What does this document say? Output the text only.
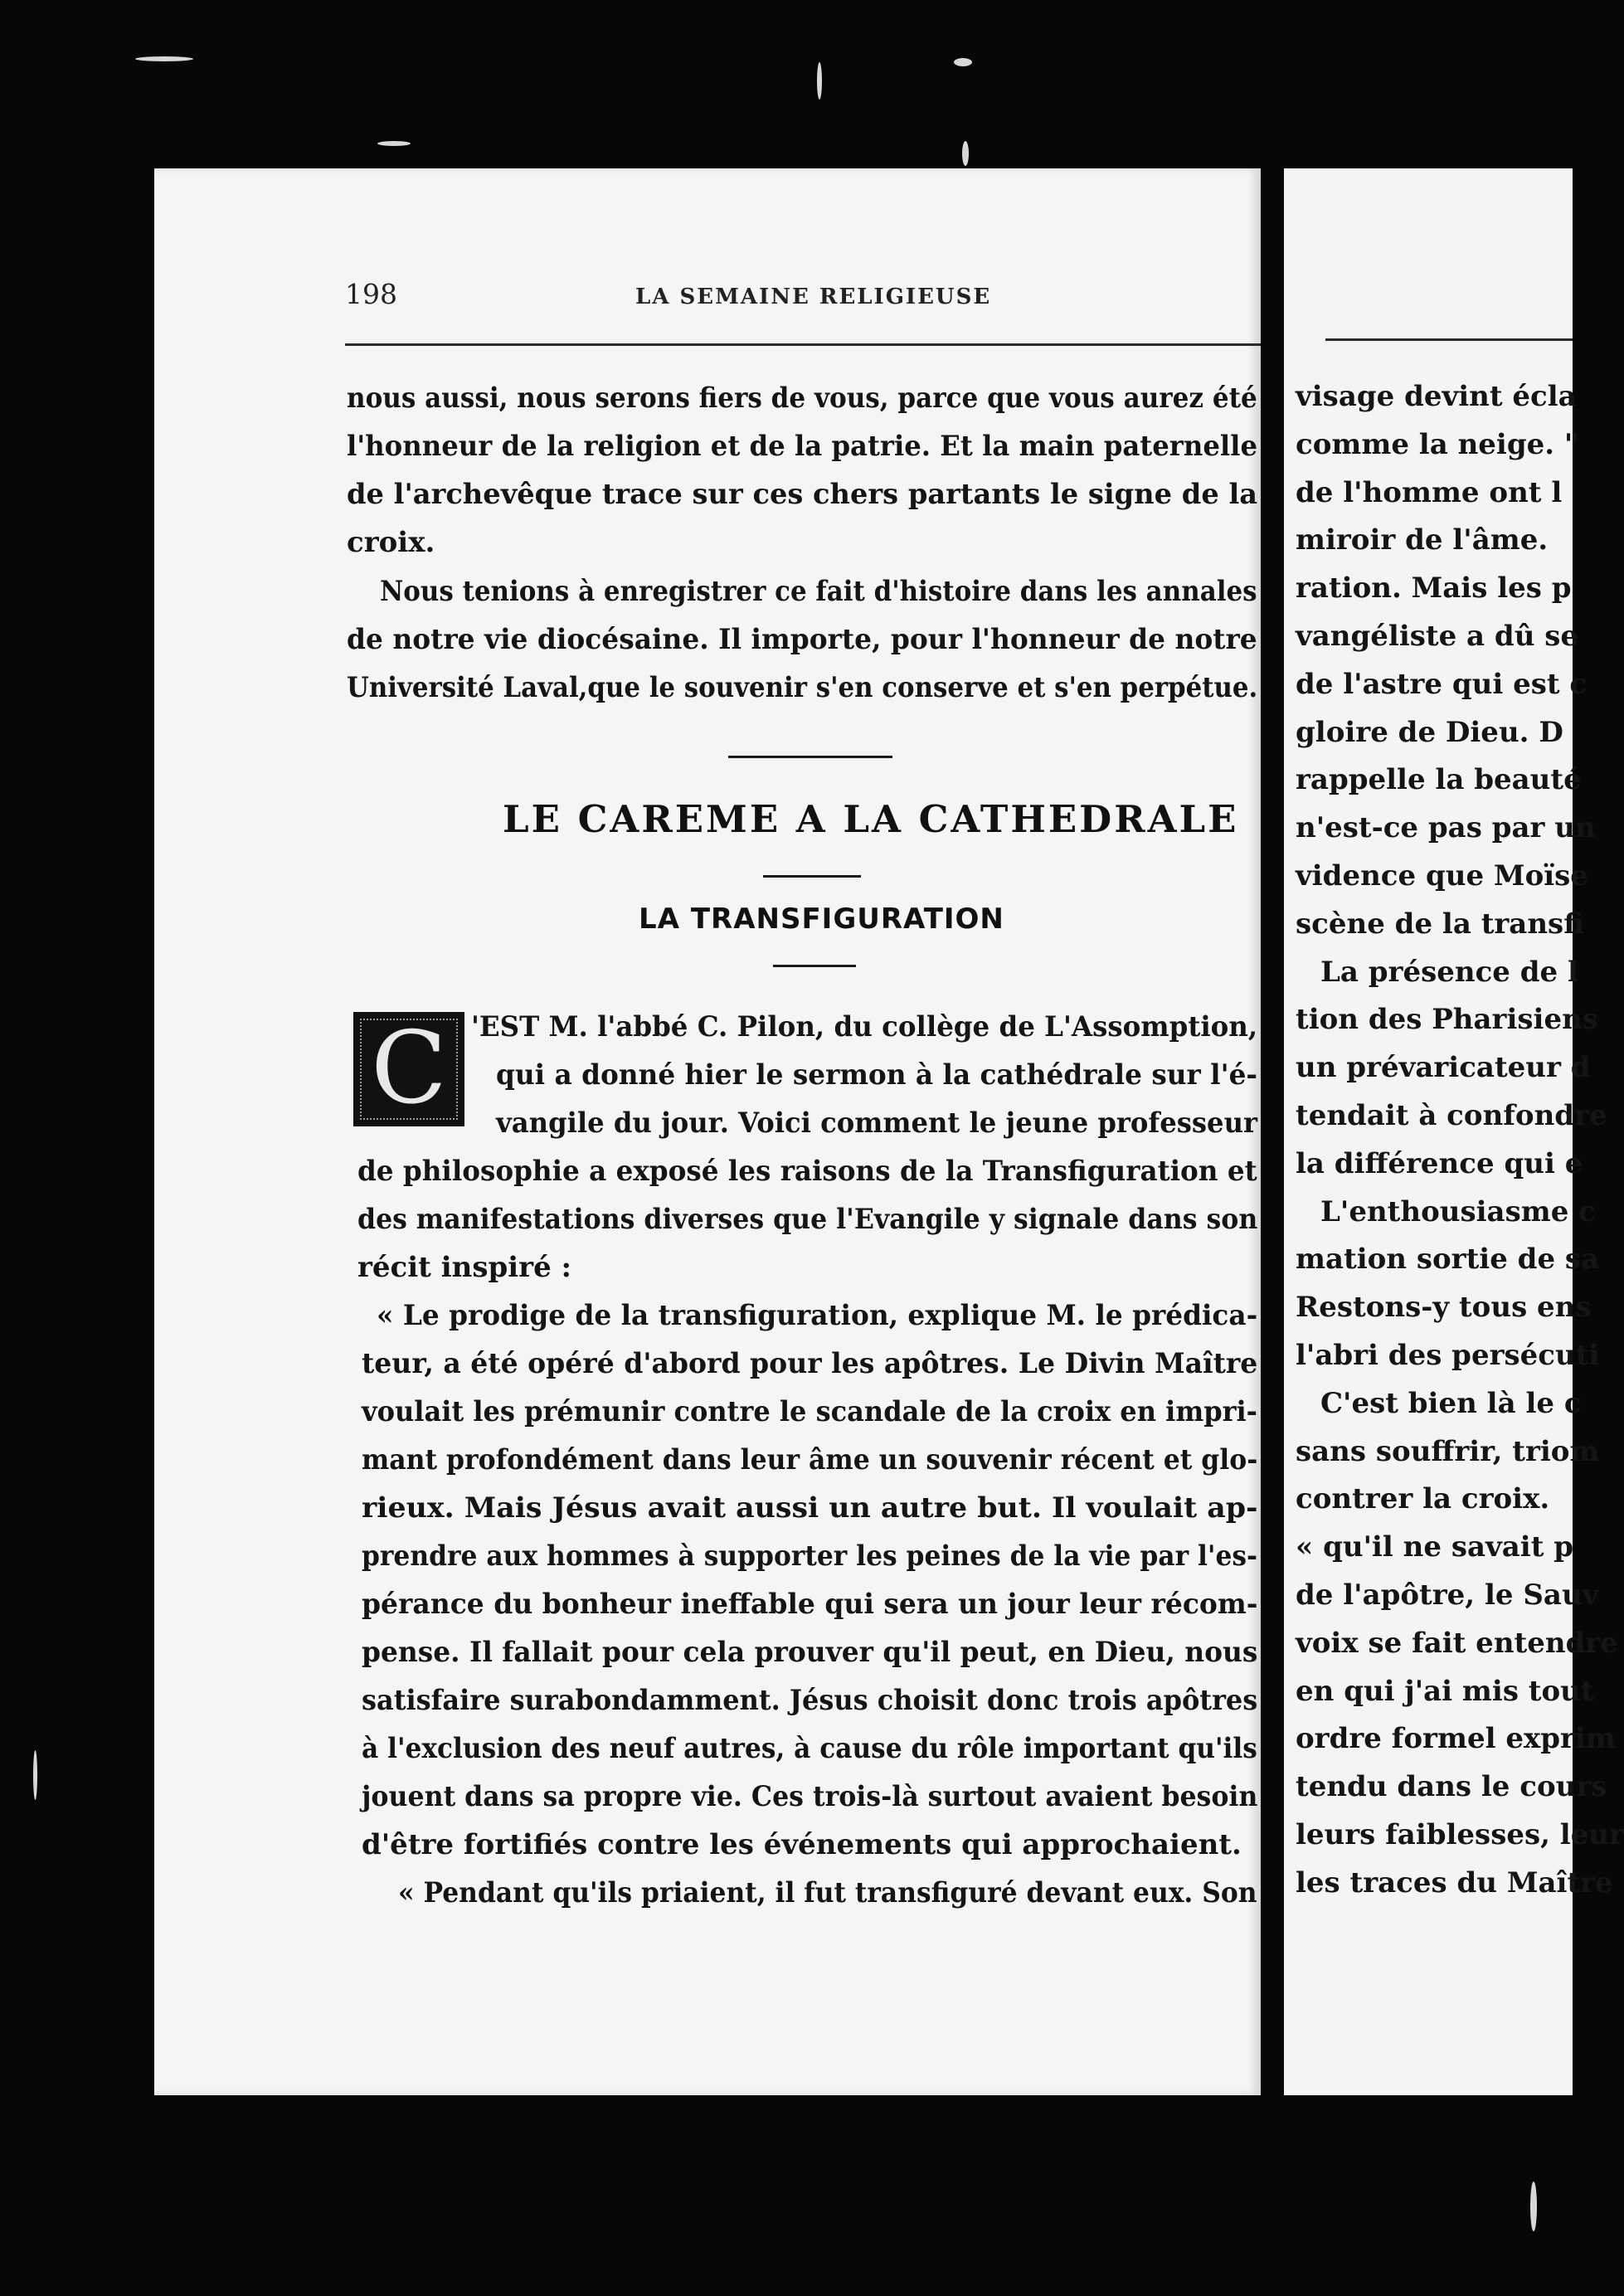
198	LA SEMAINE RELIGIEUSE
nous aussi, nous serons fiers de vous, parce que vous aurez été
l'honneur de la religion et de la patrie. Et la main paternelle
de l'archevêque trace sur ces chers partants le signe de la
croix.
Nous tenions à enregistrer ce fait d'histoire dans les annales
de notre vie diocésaine. Il importe, pour l'honneur de notre
Université Laval,que le souvenir s'en conserve et s'en perpétue.
LE CAREME A LA CATHEDRALE
LA TRANSFIGURATION
C 'EST M. l'abbé C. Pilon, du collège de L'Assomption,
qui a donné hier le sermon à la cathédrale sur l'é-
vangile du jour. Voici comment le jeune professeur
de philosophie a exposé les raisons de la Transfiguration et
des manifestations diverses que l'Evangile y signale dans son
récit inspiré :
« Le prodige de la transfiguration, explique M. le prédica-
teur, a été opéré d'abord pour les apôtres. Le Divin Maître
voulait les prémunir contre le scandale de la croix en impri-
mant profondément dans leur âme un souvenir récent et glo-
rieux. Mais Jésus avait aussi un autre but. Il voulait ap-
prendre aux hommes à supporter les peines de la vie par l'es-
pérance du bonheur ineffable qui sera un jour leur récom-
pense. Il fallait pour cela prouver qu'il peut, en Dieu, nous
satisfaire surabondamment. Jésus choisit donc trois apôtres
à l'exclusion des neuf autres, à cause du rôle important qu'ils
jouent dans sa propre vie. Ces trois-là surtout avaient besoin
d'être fortifiés contre les événements qui approchaient.
« Pendant qu'ils priaient, il fut transfiguré devant eux. Son
visage devint écla
comme la neige. "
de l'homme ont l
miroir de l'âme.
ration. Mais les p
vangéliste a dû se
de l'astre qui est c
gloire de Dieu. D
rappelle la beauté
n'est-ce pas par un
vidence que Moïse
scène de la transfi
La présence de l
tion des Pharisiens
un prévaricateur d
tendait à confondre
la différence qui e
L'enthousiasme c
mation sortie de sa
Restons-y tous ens
l'abri des persécuti
C'est bien là le c
sans souffrir, triom
contrer la croix.
« qu'il ne savait p
de l'apôtre, le Sauv
voix se fait entendre
en qui j'ai mis tout
ordre formel exprim
tendu dans le cours
leurs faiblesses, leur
les traces du Maître
